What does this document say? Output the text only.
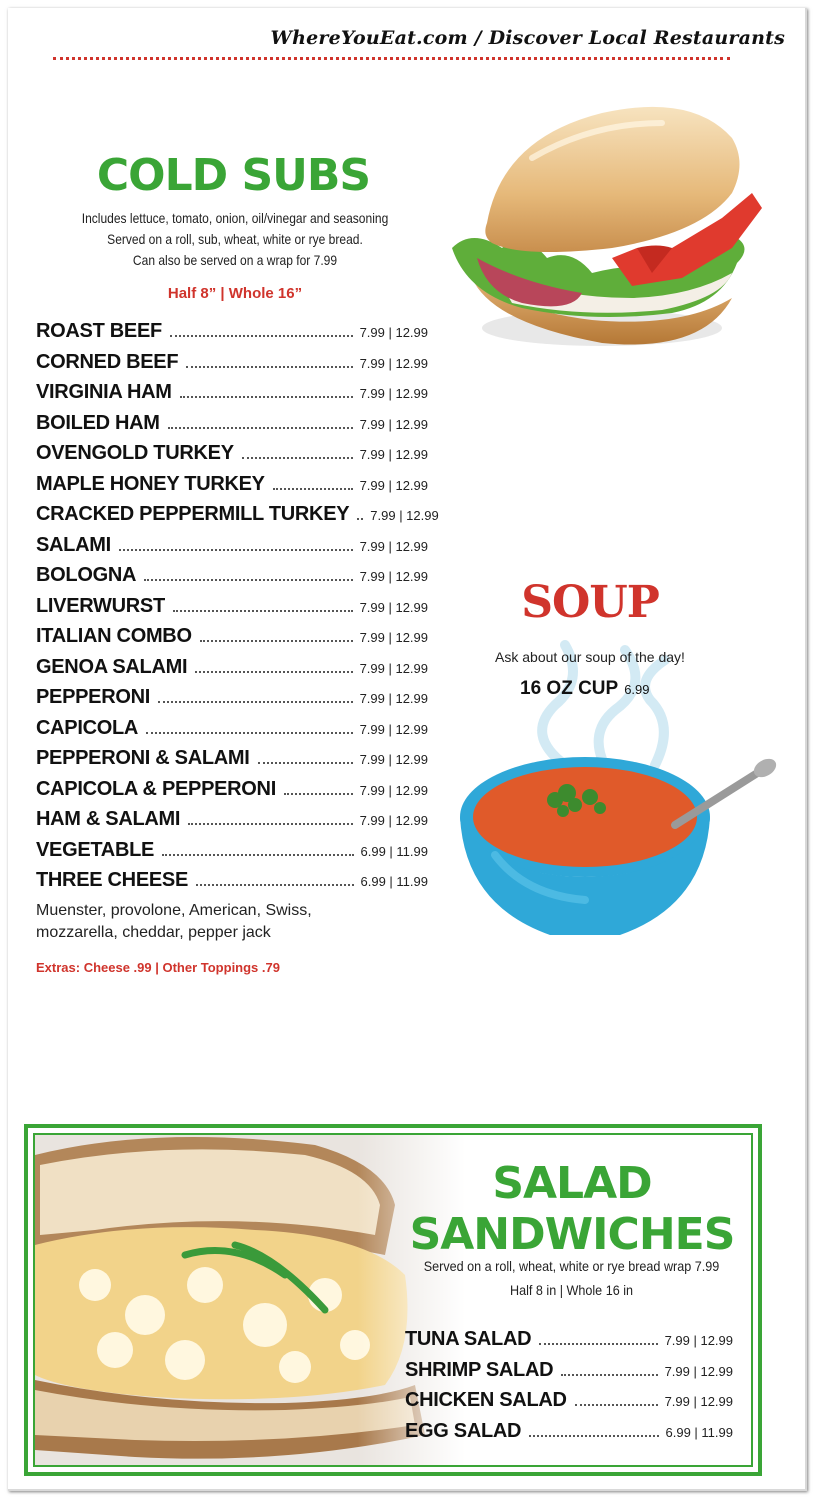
WhereYouEat.com / Discover Local Restaurants
COLD SUBS
Includes lettuce, tomato, onion, oil/vinegar and seasoning
Served on a roll, sub, wheat, white or rye bread.
Can also be served on a wrap for 7.99
Half 8” | Whole 16”
ROAST BEEF	7.99 | 12.99
CORNED BEEF	7.99 | 12.99
VIRGINIA HAM	7.99 | 12.99
BOILED HAM	7.99 | 12.99
OVENGOLD TURKEY	7.99 | 12.99
MAPLE HONEY TURKEY	7.99 | 12.99
CRACKED PEPPERMILL TURKEY 7.99 | 12.99
SALAMI	7.99 | 12.99
BOLOGNA	7.99 | 12.99
LIVERWURST	7.99 | 12.99
ITALIAN COMBO	7.99 | 12.99
GENOA SALAMI	7.99 | 12.99
PEPPERONI	7.99 | 12.99
CAPICOLA	7.99 | 12.99
PEPPERONI & SALAMI	7.99 | 12.99
CAPICOLA & PEPPERONI	7.99 | 12.99
HAM & SALAMI	7.99 | 12.99
VEGETABLE	6.99 | 11.99
THREE CHEESE	6.99 | 11.99
Muenster, provolone, American, Swiss,
mozzarella, cheddar, pepper jack
Extras: Cheese .99 | Other Toppings .79
SOUP
Ask about our soup of the day!
16 OZ CUP 6.99
SALAD
SANDWICHES
Served on a roll, wheat, white or rye bread wrap 7.99
Half 8 in | Whole 16 in
TUNA SALAD	7.99 | 12.99
SHRIMP SALAD	7.99 | 12.99
CHICKEN SALAD	7.99 | 12.99
EGG SALAD	6.99 | 11.99
